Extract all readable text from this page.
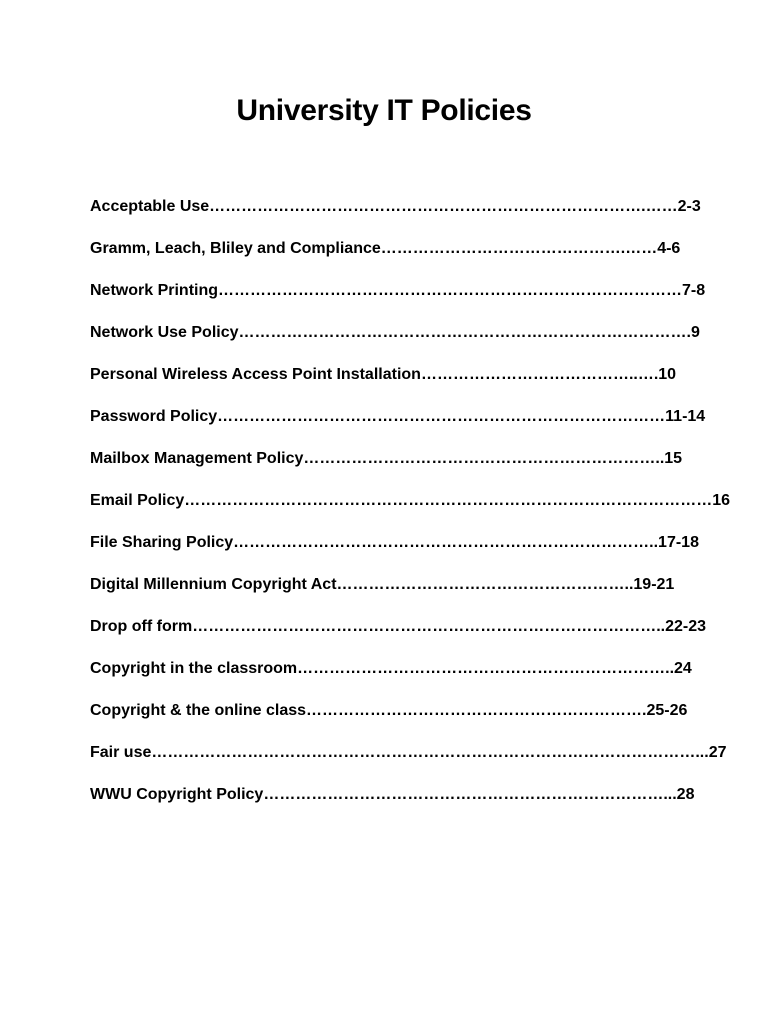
University IT Policies
Acceptable Use……………………………………………………………………….……2-3
Gramm, Leach, Bliley and Compliance……………………………………….……4-6
Network Printing……………………………………………………………………………7-8
Network Use Policy………………………………………………………………………….9
Personal Wireless Access Point Installation…………………………………..….10
Password Policy…………………………………………………………………………11-14
Mailbox Management Policy…………………………………………………………..15
Email Policy………………………………………………………………………………………16
File Sharing Policy……………………………………………………………………..17-18
Digital Millennium Copyright Act………………………………………………..19-21
Drop off form……………………………………………………………………………..22-23
Copyright in the classroom……………………………………………………………..24
Copyright & the online class……………………………………………………….25-26
Fair use…………………………………………………………………………………………...27
WWU Copyright Policy…………………………………………………………………...28
